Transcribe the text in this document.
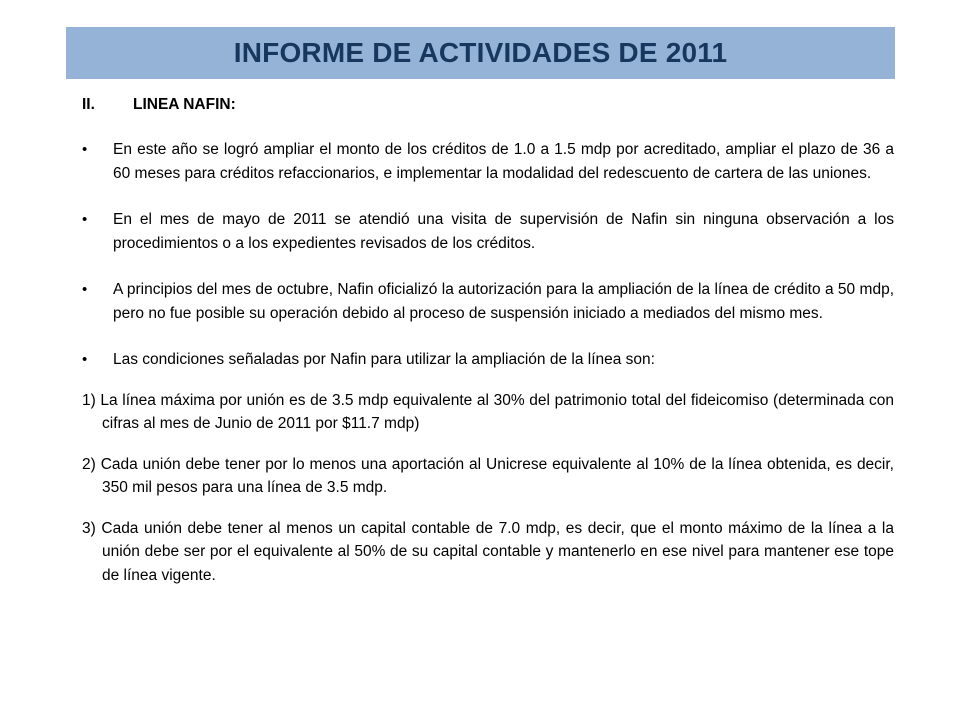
INFORME DE ACTIVIDADES DE 2011
II.	LINEA NAFIN:
• En este año se logró ampliar el monto de los créditos de 1.0 a 1.5 mdp por acreditado, ampliar el plazo de 36 a 60 meses para créditos refaccionarios, e implementar la modalidad del redescuento de cartera de las uniones.
• En el mes de mayo de 2011 se atendió una visita de supervisión de Nafin sin ninguna observación a los procedimientos o a los expedientes revisados de los créditos.
• A principios del mes de octubre, Nafin oficializó la autorización para la ampliación de la línea de crédito a 50 mdp, pero no fue posible su operación debido al proceso de suspensión iniciado a mediados del mismo mes.
• Las condiciones señaladas por Nafin para utilizar la ampliación de la línea son:
1) La línea máxima por unión es de 3.5 mdp equivalente al 30% del patrimonio total del fideicomiso (determinada con cifras al mes de Junio de 2011 por $11.7 mdp)
2) Cada unión debe tener por lo menos una aportación al Unicrese equivalente al 10% de la línea obtenida, es decir, 350 mil pesos para una línea de 3.5 mdp.
3) Cada unión debe tener al menos un capital contable de 7.0 mdp, es decir, que el monto máximo de la línea a la unión debe ser por el equivalente al 50% de su capital contable y mantenerlo en ese nivel para mantener ese tope de línea vigente.
